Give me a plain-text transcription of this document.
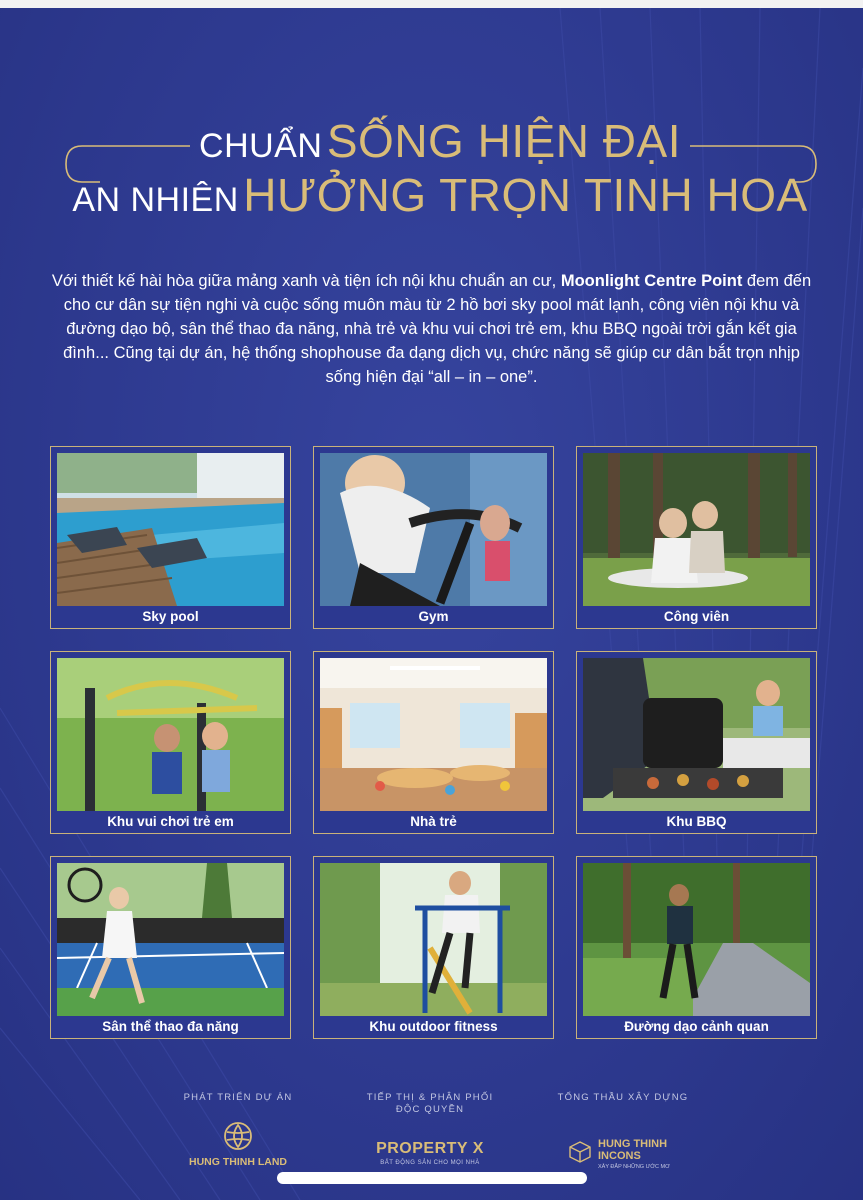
CHUẨN SỐNG HIỆN ĐẠI
AN NHIÊN HƯỞNG TRỌN TINH HOA

Với thiết kế hài hòa giữa mảng xanh và tiện ích nội khu chuẩn an cư, Moonlight Centre Point đem đến cho cư dân sự tiện nghi và cuộc sống muôn màu từ 2 hồ bơi sky pool mát lạnh, công viên nội khu và đường dạo bộ, sân thể thao đa năng, nhà trẻ và khu vui chơi trẻ em, khu BBQ ngoài trời gắn kết gia đình... Cũng tại dự án, hệ thống shophouse đa dạng dịch vụ, chức năng sẽ giúp cư dân bắt trọn nhịp sống hiện đại “all – in – one”.

Sky pool	Gym	Công viên
Khu vui chơi trẻ em	Nhà trẻ	Khu BBQ
Sân thể thao đa năng	Khu outdoor fitness	Đường dạo cảnh quan
PHÁT TRIỂN DỰ ÁN	TIẾP THỊ & PHÂN PHỐI
ĐỘC QUYỀN
TỔNG THẦU XÂY DỰNG
HUNG THINH LAND
PROPERTY X
BẤT ĐỘNG SẢN CHO MỌI NHÀ
HUNG THINH
INCONS
XÂY ĐẮP NHỮNG ƯỚC MƠ
